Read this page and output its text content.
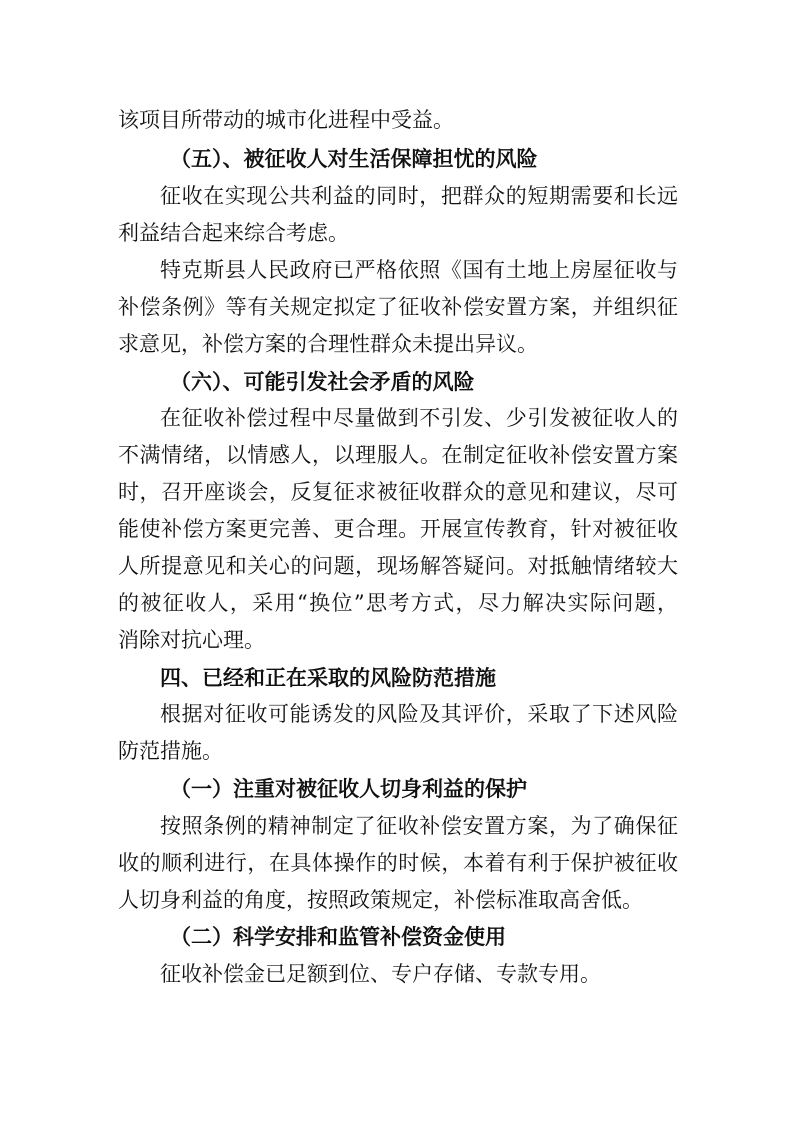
该项目所带动的城市化进程中受益。
（五）、被征收人对生活保障担忧的风险
征收在实现公共利益的同时，把群众的短期需要和长远
利益结合起来综合考虑。
特克斯县人民政府已严格依照《国有土地上房屋征收与
补偿条例》等有关规定拟定了征收补偿安置方案，并组织征
求意见，补偿方案的合理性群众未提出异议。
（六）、可能引发社会矛盾的风险
在征收补偿过程中尽量做到不引发、少引发被征收人的
不满情绪，以情感人，以理服人。在制定征收补偿安置方案
时，召开座谈会，反复征求被征收群众的意见和建议，尽可
能使补偿方案更完善、更合理。开展宣传教育，针对被征收
人所提意见和关心的问题，现场解答疑问。对抵触情绪较大
的被征收人，采用“换位”思考方式，尽力解决实际问题，
消除对抗心理。
四、已经和正在采取的风险防范措施
根据对征收可能诱发的风险及其评价，采取了下述风险
防范措施。
（一）注重对被征收人切身利益的保护
按照条例的精神制定了征收补偿安置方案，为了确保征
收的顺利进行，在具体操作的时候，本着有利于保护被征收
人切身利益的角度，按照政策规定，补偿标准取高舍低。
（二）科学安排和监管补偿资金使用
征收补偿金已足额到位、专户存储、专款专用。
